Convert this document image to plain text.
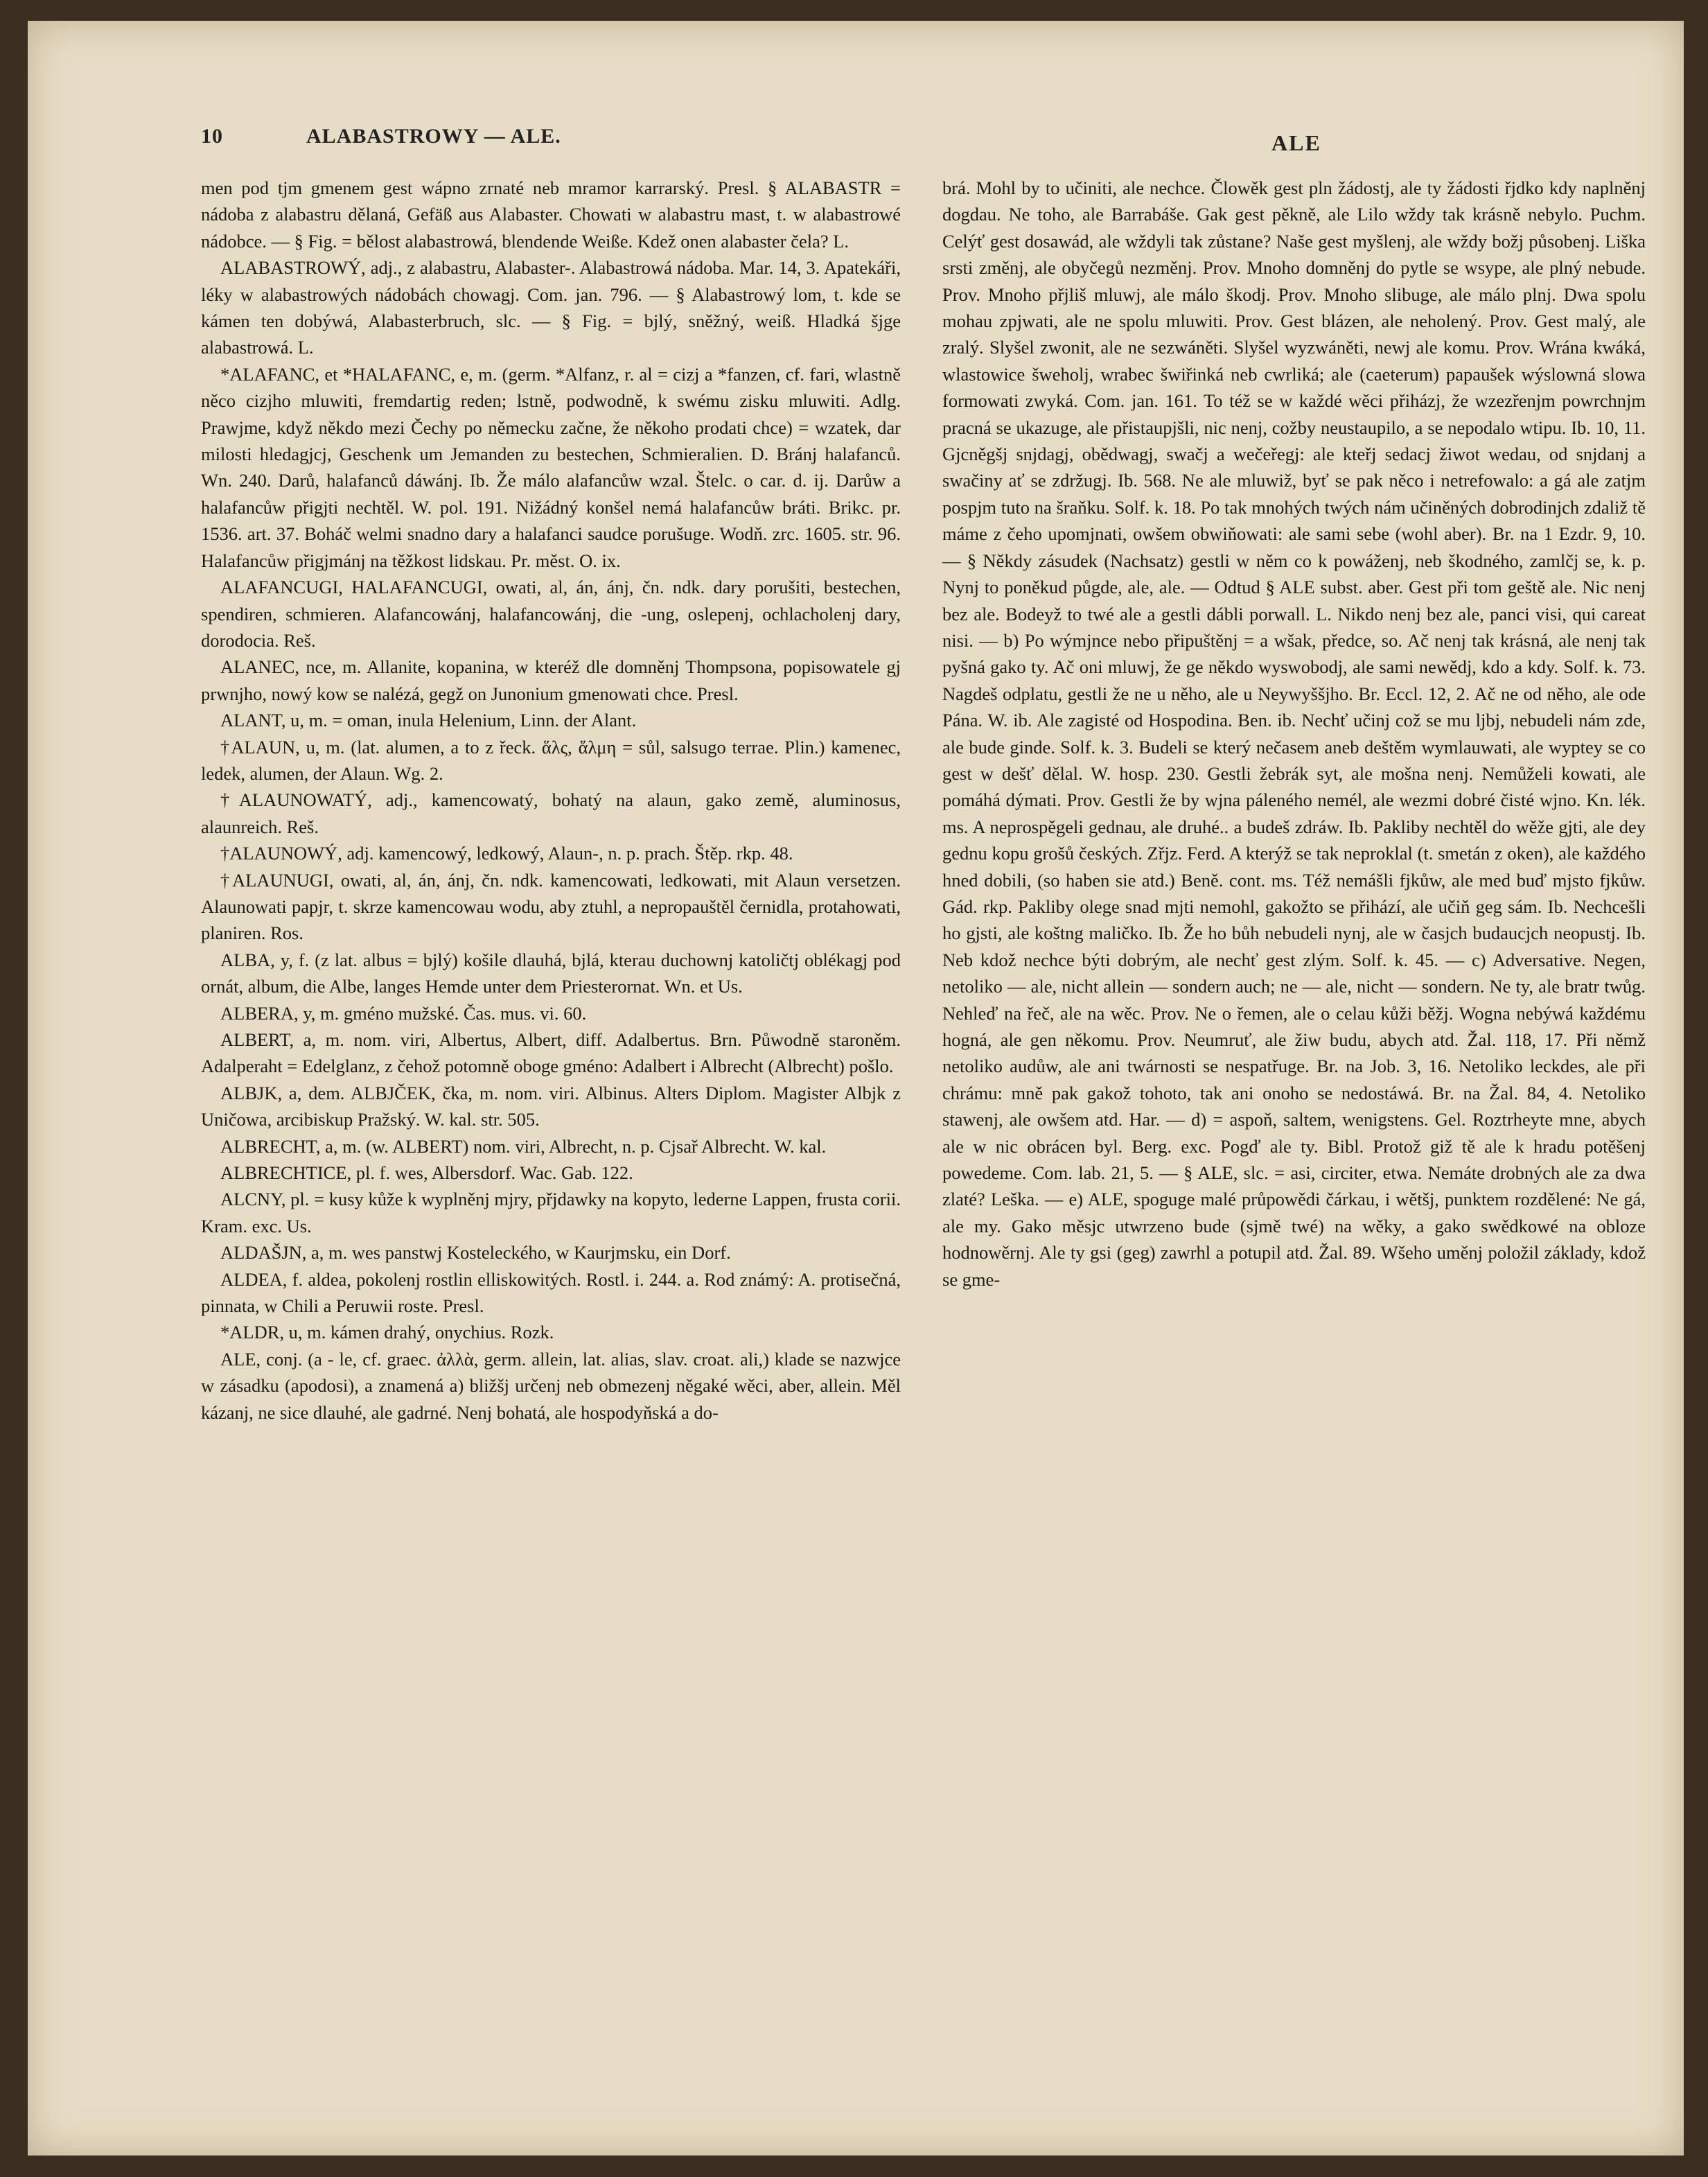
10	ALABASTROWY — ALE.	ALE

men pod tjm gmenem gest wápno zrnaté neb mramor karrarský. Presl. § ALABASTR = nádoba z alabastru dělaná, Gefäß aus Alabaster. Chowati w alabastru mast, t. w alabastrowé nádobce. — § Fig. = bělost alabastrowá, blendende Weiße. Kdež onen alabaster čela? L.

ALABASTROWÝ, adj., z alabastru, Alabaster-. Alabastrowá nádoba. Mar. 14, 3. Apatekáři, léky w alabastrowých nádobách chowagj. Com. jan. 796. — § Alabastrowý lom, t. kde se kámen ten dobýwá, Alabasterbruch, slc. — § Fig. = bjlý, sněžný, weiß. Hladká šjge alabastrowá. L.

*ALAFANC, et *HALAFANC, e, m. (germ. *Alfanz, r. al = cizj a *fanzen, cf. fari, wlastně něco cizjho mluwiti, fremdartig reden; lstně, podwodně, k swému zisku mluwiti. Adlg. Prawjme, když někdo mezi Čechy po německu začne, že někoho prodati chce) = wzatek, dar milosti hledagjcj, Geschenk um Jemanden zu bestechen, Schmieralien. D. Bránj halafanců. Wn. 240. Darů, halafanců dáwánj. Ib. Že málo alafancůw wzal. Štelc. o car. d. ij. Darůw a halafancůw přigjti nechtěl. W. pol. 191. Nižádný konšel nemá halafancůw bráti. Brikc. pr. 1536. art. 37. Boháč welmi snadno dary a halafanci saudce porušuge. Wodň. zrc. 1605. str. 96. Halafancůw přigjmánj na těžkost lidskau. Pr. měst. O. ix.

ALAFANCUGI, HALAFANCUGI, owati, al, án, ánj, čn. ndk. dary porušiti, bestechen, spendiren, schmieren. Alafancowánj, halafancowánj, die -ung, oslepenj, ochlacholenj dary, dorodocia. Reš.

ALANEC, nce, m. Allanite, kopanina, w kteréž dle domněnj Thompsona, popisowatele gj prwnjho, nowý kow se nalézá, gegž on Junonium gmenowati chce. Presl.

ALANT, u, m. = oman, inula Helenium, Linn. der Alant.

†ALAUN, u, m. (lat. alumen, a to z řeck. ἅλς, ἅλμη = sůl, salsugo terrae. Plin.) kamenec, ledek, alumen, der Alaun. Wg. 2.

†ALAUNOWATÝ, adj., kamencowatý, bohatý na alaun, gako země, aluminosus, alaunreich. Reš.

†ALAUNOWÝ, adj. kamencowý, ledkowý, Alaun-, n. p. prach. Štěp. rkp. 48.

†ALAUNUGI, owati, al, án, ánj, čn. ndk. kamencowati, ledkowati, mit Alaun versetzen. Alaunowati papjr, t. skrze kamencowau wodu, aby ztuhl, a nepropauštěl černidla, protahowati, planiren. Ros.

ALBA, y, f. (z lat. albus = bjlý) košile dlauhá, bjlá, kterau duchownj katoličtj oblékagj pod ornát, album, die Albe, langes Hemde unter dem Priesterornat. Wn. et Us.

ALBERA, y, m. gméno mužské. Čas. mus. vi. 60.

ALBERT, a, m. nom. viri, Albertus, Albert, diff. Adalbertus. Brn. Půwodně staroněm. Adalperaht = Edelglanz, z čehož potomně oboge gméno: Adalbert i Albrecht (Albrecht) pošlo.

ALBJK, a, dem. ALBJČEK, čka, m. nom. viri. Albinus. Alters Diplom. Magister Albjk z Uničowa, arcibiskup Pražský. W. kal. str. 505.

ALBRECHT, a, m. (w. ALBERT) nom. viri, Albrecht, n. p. Cjsař Albrecht. W. kal.

ALBRECHTICE, pl. f. wes, Albersdorf. Wac. Gab. 122.

ALCNY, pl. = kusy kůže k wyplněnj mjry, přjdawky na kopyto, lederne Lappen, frusta corii. Kram. exc. Us.

ALDAŠJN, a, m. wes panstwj Kosteleckého, w Kaurjmsku, ein Dorf.

ALDEA, f. aldea, pokolenj rostlin elliskowitých. Rostl. i. 244. a. Rod známý: A. protisečná, pinnata, w Chili a Peruwii roste. Presl.

*ALDR, u, m. kámen drahý, onychius. Rozk.

ALE, conj. (a - le, cf. graec. ἀλλὰ, germ. allein, lat. alias, slav. croat. ali,) klade se nazwjce w zásadku (apodosi), a znamená a) bližšj určenj neb obmezenj něgaké wěci, aber, allein. Měl kázanj, ne sice dlauhé, ale gadrné. Nenj bohatá, ale hospodyňská a do-

brá. Mohl by to učiniti, ale nechce. Člowěk gest pln žádostj, ale ty žádosti řjdko kdy naplněnj dogdau. Ne toho, ale Barrabáše. Gak gest pěkně, ale Lilo wždy tak krásně nebylo. Puchm. Celýť gest dosawád, ale wždyli tak zůstane? Naše gest myšlenj, ale wždy božj působenj. Liška srsti změnj, ale obyčegů nezměnj. Prov. Mnoho domněnj do pytle se wsype, ale plný nebude. Prov. Mnoho přjliš mluwj, ale málo škodj. Prov. Mnoho slibuge, ale málo plnj. Dwa spolu mohau zpjwati, ale ne spolu mluwiti. Prov. Gest blázen, ale neholený. Prov. Gest malý, ale zralý. Slyšel zwonit, ale ne sezwáněti. Slyšel wyzwáněti, newj ale komu. Prov. Wrána kwáká, wlastowice šweholj, wrabec šwiřinká neb cwrliká; ale (caeterum) papaušek wýslowná slowa formowati zwyká. Com. jan. 161. To též se w každé wěci přiházj, že wzezřenjm powrchnjm pracná se ukazuge, ale přistaupjšli, nic nenj, cožby neustaupilo, a se nepodalo wtipu. Ib. 10, 11. Gjcněgšj snjdagj, obědwagj, swačj a wečeřegj: ale kteřj sedacj žiwot wedau, od snjdanj a swačiny ať se zdržugj. Ib. 568. Ne ale mluwiž, byť se pak něco i netrefowalo: a gá ale zatjm pospjm tuto na šraňku. Solf. k. 18. Po tak mnohých twých nám učiněných dobrodinjch zdaliž tě máme z čeho upomjnati, owšem obwiňowati: ale sami sebe (wohl aber). Br. na 1 Ezdr. 9, 10. — § Někdy zásudek (Nachsatz) gestli w něm co k powáženj, neb škodného, zamlčj se, k. p. Nynj to poněkud půgde, ale, ale. — Odtud § ALE subst. aber. Gest při tom geště ale. Nic nenj bez ale. Bodeyž to twé ale a gestli dábli porwall. L. Nikdo nenj bez ale, panci visi, qui careat nisi. — b) Po wýmjnce nebo připuštěnj = a wšak, předce, so. Ač nenj tak krásná, ale nenj tak pyšná gako ty. Ač oni mluwj, že ge někdo wyswobodj, ale sami newědj, kdo a kdy. Solf. k. 73. Nagdeš odplatu, gestli že ne u něho, ale u Neywyššjho. Br. Eccl. 12, 2. Ač ne od něho, ale ode Pána. W. ib. Ale zagisté od Hospodina. Ben. ib. Nechť učinj což se mu ljbj, nebudeli nám zde, ale bude ginde. Solf. k. 3. Budeli se který nečasem aneb deštěm wymlauwati, ale wyptey se co gest w dešť dělal. W. hosp. 230. Gestli žebrák syt, ale mošna nenj. Nemůželi kowati, ale pomáhá dýmati. Prov. Gestli že by wjna páleného nemél, ale wezmi dobré čisté wjno. Kn. lék. ms. A neprospěgeli gednau, ale druhé.. a budeš zdráw. Ib. Pakliby nechtěl do wěže gjti, ale dey gednu kopu grošů českých. Zřjz. Ferd. A kterýž se tak neproklal (t. smetán z oken), ale každého hned dobili, (so haben sie atd.) Beně. cont. ms. Též nemášli fjkůw, ale med buď mjsto fjkůw. Gád. rkp. Pakliby olege snad mjti nemohl, gakožto se přihází, ale učiň geg sám. Ib. Nechcešli ho gjsti, ale koštng maličko. Ib. Že ho bůh nebudeli nynj, ale w časjch budaucjch neopustj. Ib. Neb kdož nechce býti dobrým, ale nechť gest zlým. Solf. k. 45. — c) Adversative. Negen, netoliko — ale, nicht allein — sondern auch; ne — ale, nicht — sondern. Ne ty, ale bratr twůg. Nehleď na řeč, ale na wěc. Prov. Ne o řemen, ale o celau kůži běžj. Wogna nebýwá každému hogná, ale gen někomu. Prov. Neumruť, ale žiw budu, abych atd. Žal. 118, 17. Při němž netoliko audůw, ale ani twárnosti se nespatřuge. Br. na Job. 3, 16. Netoliko leckdes, ale při chrámu: mně pak gakož tohoto, tak ani onoho se nedostáwá. Br. na Žal. 84, 4. Netoliko stawenj, ale owšem atd. Har. — d) = aspoň, saltem, wenigstens. Gel. Roztrheyte mne, abych ale w nic obrácen byl. Berg. exc. Pogď ale ty. Bibl. Protož giž tě ale k hradu potěšenj powedeme. Com. lab. 21, 5. — § ALE, slc. = asi, circiter, etwa. Nemáte drobných ale za dwa zlaté? Leška. — e) ALE, spoguge malé průpowědi čárkau, i wětšj, punktem rozdělené: Ne gá, ale my. Gako měsjc utwrzeno bude (sjmě twé) na wěky, a gako swědkowé na obloze hodnowěrnj. Ale ty gsi (geg) zawrhl a potupil atd. Žal. 89. Wšeho uměnj položil základy, kdož se gme-
